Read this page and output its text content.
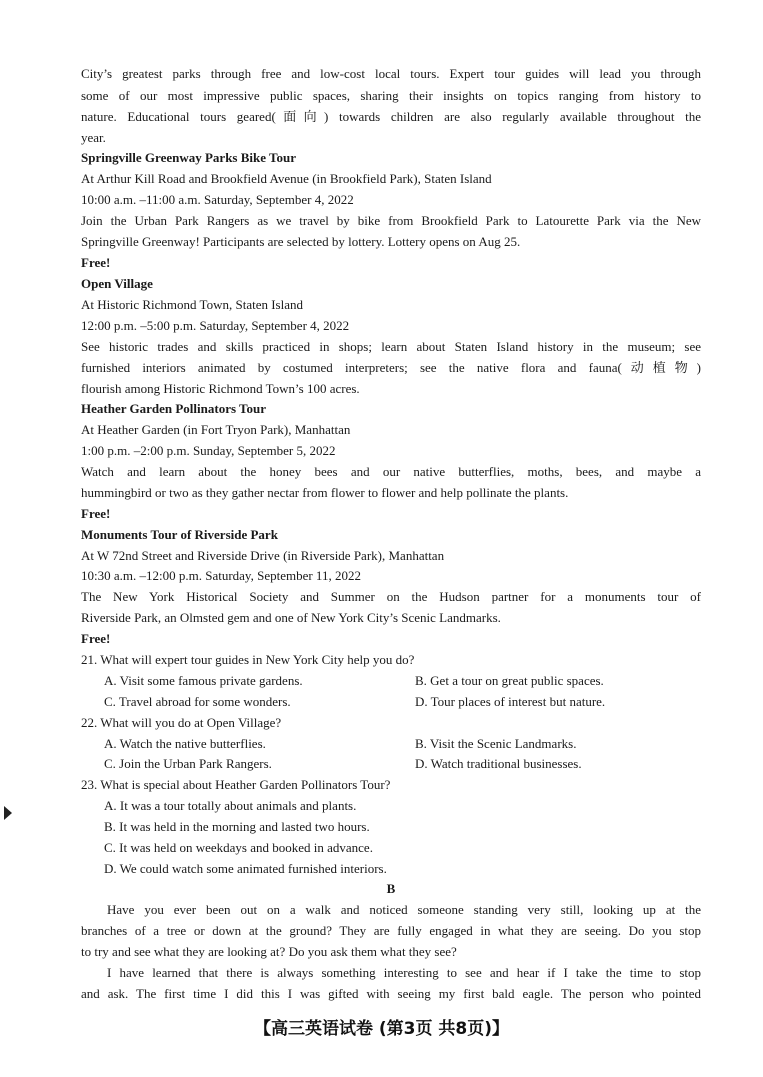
City’s greatest parks through free and low-cost local tours. Expert tour guides will lead you through
some of our most impressive public spaces, sharing their insights on topics ranging from history to
nature. Educational tours geared(面向) towards children are also regularly available throughout the
year.
Springville Greenway Parks Bike Tour
At Arthur Kill Road and Brookfield Avenue (in Brookfield Park), Staten Island
10:00 a.m. –11:00 a.m. Saturday, September 4, 2022
Join the Urban Park Rangers as we travel by bike from Brookfield Park to Latourette Park via the New
Springville Greenway! Participants are selected by lottery. Lottery opens on Aug 25.
Free!
Open Village
At Historic Richmond Town, Staten Island
12:00 p.m. –5:00 p.m. Saturday, September 4, 2022
See historic trades and skills practiced in shops; learn about Staten Island history in the museum; see
furnished interiors animated by costumed interpreters; see the native flora and fauna(动植物)
flourish among Historic Richmond Town’s 100 acres.
Heather Garden Pollinators Tour
At Heather Garden (in Fort Tryon Park), Manhattan
1:00 p.m. –2:00 p.m. Sunday, September 5, 2022
Watch and learn about the honey bees and our native butterflies, moths, bees, and maybe a
hummingbird or two as they gather nectar from flower to flower and help pollinate the plants.
Free!
Monuments Tour of Riverside Park
At W 72nd Street and Riverside Drive (in Riverside Park), Manhattan
10:30 a.m. –12:00 p.m. Saturday, September 11, 2022
The New York Historical Society and Summer on the Hudson partner for a monuments tour of
Riverside Park, an Olmsted gem and one of New York City’s Scenic Landmarks.
Free!
21. What will expert tour guides in New York City help you do?
A. Visit some famous private gardens.	B. Get a tour on great public spaces.
C. Travel abroad for some wonders.	D. Tour places of interest but nature.
22. What will you do at Open Village?
A. Watch the native butterflies.	B. Visit the Scenic Landmarks.
C. Join the Urban Park Rangers.	D. Watch traditional businesses.
23. What is special about Heather Garden Pollinators Tour?
A. It was a tour totally about animals and plants.
B. It was held in the morning and lasted two hours.
C. It was held on weekdays and booked in advance.
D. We could watch some animated furnished interiors.
B
Have you ever been out on a walk and noticed someone standing very still, looking up at the
branches of a tree or down at the ground? They are fully engaged in what they are seeing. Do you stop
to try and see what they are looking at? Do you ask them what they see?
I have learned that there is always something interesting to see and hear if I take the time to stop
and ask. The first time I did this I was gifted with seeing my first bald eagle. The person who pointed
【高三英语试卷 (第3页 共8页)】
